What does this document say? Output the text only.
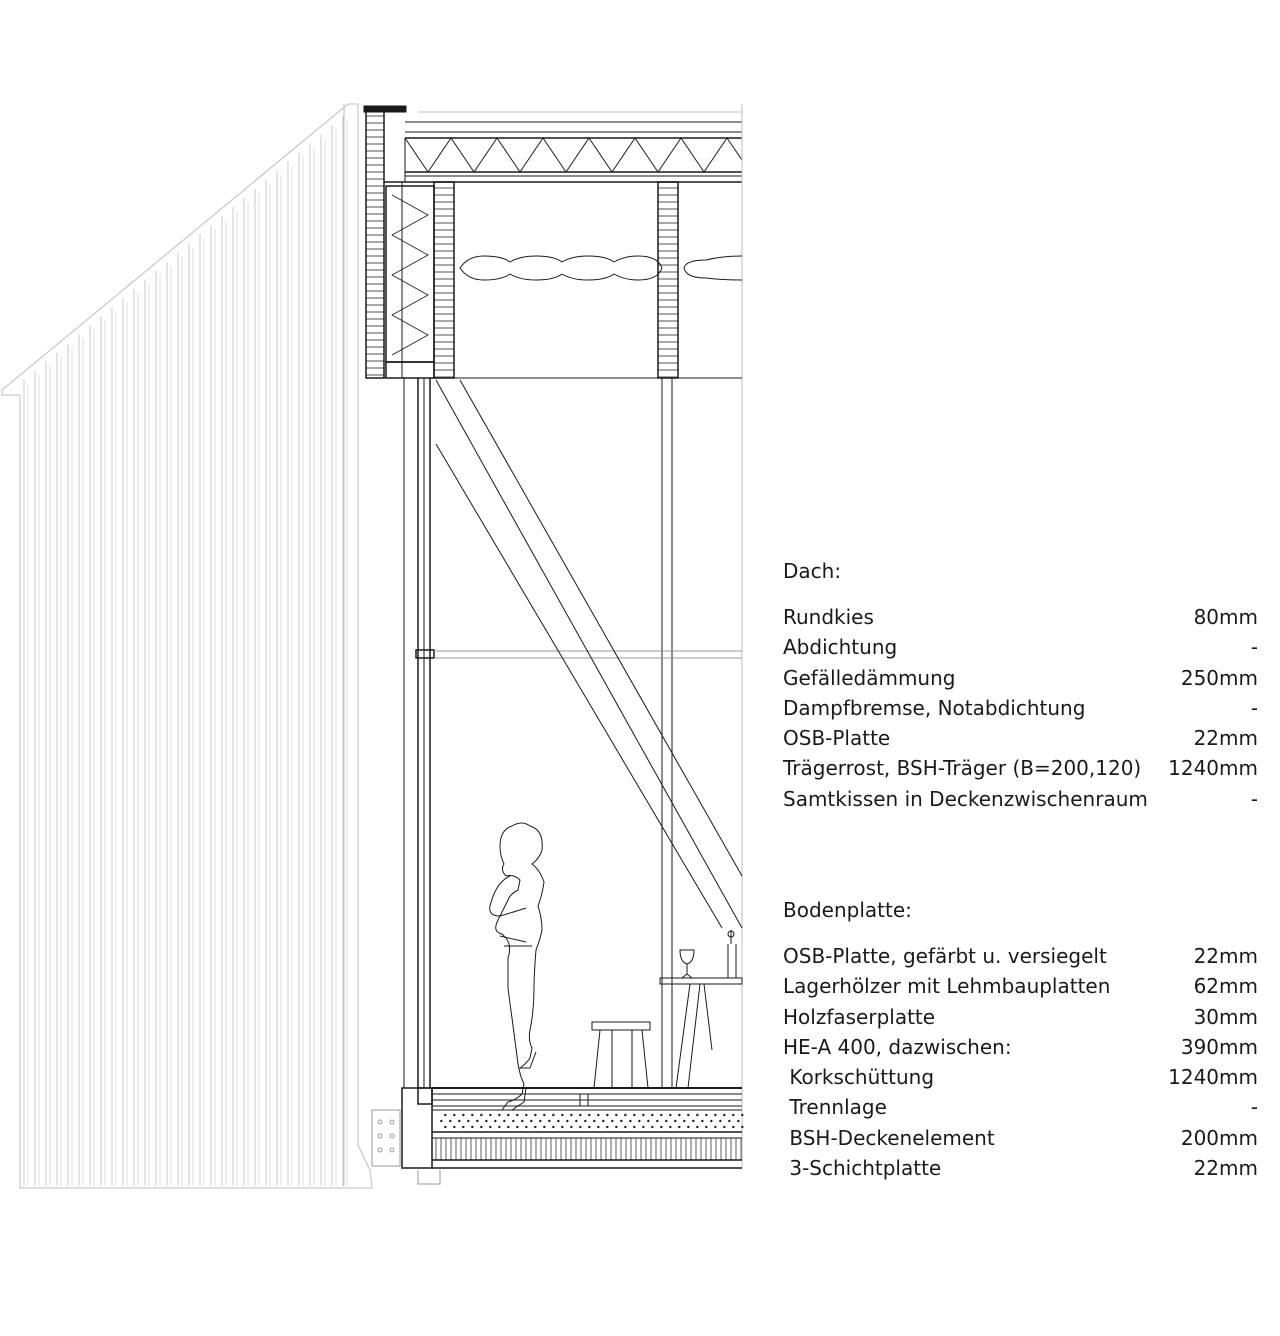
Dach:
Rundkies	80mm
Abdichtung	-
Gefälledämmung	250mm
Dampfbremse, Notabdichtung	-
OSB-Platte	22mm
Trägerrost, BSH-Träger (B=200,120) 1240mm
Samtkissen in Deckenzwischenraum	-
Bodenplatte:
OSB-Platte, gefärbt u. versiegelt	22mm
Lagerhölzer mit Lehmbauplatten	62mm
Holzfaserplatte	30mm
HE-A 400, dazwischen:	390mm
Korkschüttung	1240mm
Trennlage	-
BSH-Deckenelement	200mm
3-Schichtplatte	22mm
